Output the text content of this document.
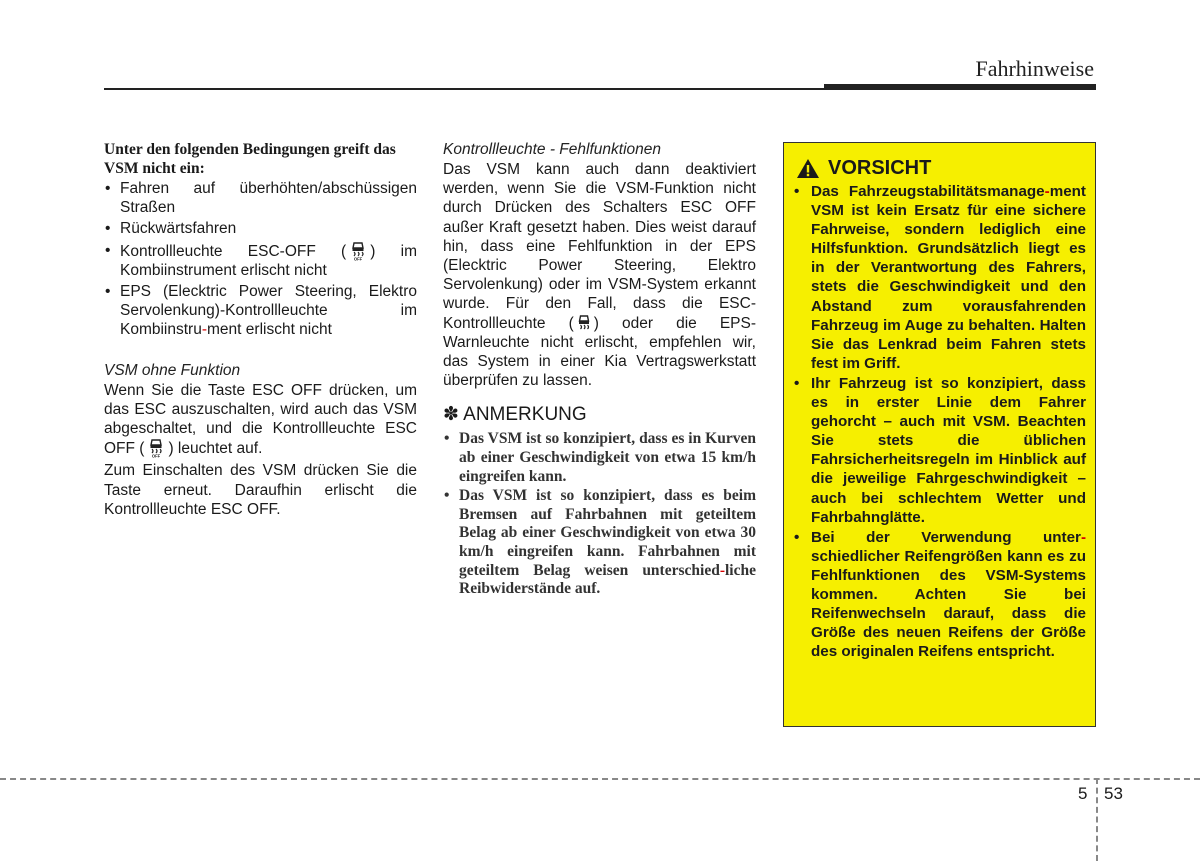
Fahrhinweise
Unter den folgenden Bedingungen greift das VSM nicht ein:
• Fahren auf überhöhten/abschüssigen Straßen
• Rückwärtsfahren
• Kontrollleuchte ESC-OFF ( OFF ) im Kombiinstrument erlischt nicht
• EPS (Elecktric Power Steering, Elektro Servolenkung)-Kontrollleuchte im Kombiinstru-ment erlischt nicht
VSM ohne Funktion
Wenn Sie die Taste ESC OFF drücken, um das ESC auszuschalten, wird auch das VSM abgeschaltet, und die Kontrollleuchte ESC OFF ( OFF ) leuchtet auf.
Zum Einschalten des VSM drücken Sie die Taste erneut. Daraufhin erlischt die Kontrollleuchte ESC OFF.
Kontrollleuchte - Fehlfunktionen
Das VSM kann auch dann deaktiviert werden, wenn Sie die VSM-Funktion nicht durch Drücken des Schalters ESC OFF außer Kraft gesetzt haben. Dies weist darauf hin, dass eine Fehlfunktion in der EPS (Elecktric Power Steering, Elektro Servolenkung) oder im VSM-System erkannt wurde. Für den Fall, dass die ESC-Kontrollleuchte ( ) oder die EPS-Warnleuchte nicht erlischt, empfehlen wir, das System in einer Kia Vertragswerkstatt überprüfen zu lassen.
✽ ANMERKUNG
• Das VSM ist so konzipiert, dass es in Kurven ab einer Geschwindigkeit von etwa 15 km/h eingreifen kann.
• Das VSM ist so konzipiert, dass es beim Bremsen auf Fahrbahnen mit geteiltem Belag ab einer Geschwindigkeit von etwa 30 km/h eingreifen kann. Fahrbahnen mit geteiltem Belag weisen unterschied-liche Reibwiderstände auf.
VORSICHT
• Das Fahrzeugstabilitätsmanage-ment VSM ist kein Ersatz für eine sichere Fahrweise, sondern lediglich eine Hilfsfunktion. Grundsätzlich liegt es in der Verantwortung des Fahrers, stets die Geschwindigkeit und den Abstand zum vorausfahrenden Fahrzeug im Auge zu behalten. Halten Sie das Lenkrad beim Fahren stets fest im Griff.
• Ihr Fahrzeug ist so konzipiert, dass es in erster Linie dem Fahrer gehorcht – auch mit VSM. Beachten Sie stets die üblichen Fahrsicherheitsregeln im Hinblick auf die jeweilige Fahrgeschwindigkeit – auch bei schlechtem Wetter und Fahrbahnglätte.
• Bei der Verwendung unter-schiedlicher Reifengrößen kann es zu Fehlfunktionen des VSM-Systems kommen. Achten Sie bei Reifenwechseln darauf, dass die Größe des neuen Reifens der Größe des originalen Reifens entspricht.
5 53
